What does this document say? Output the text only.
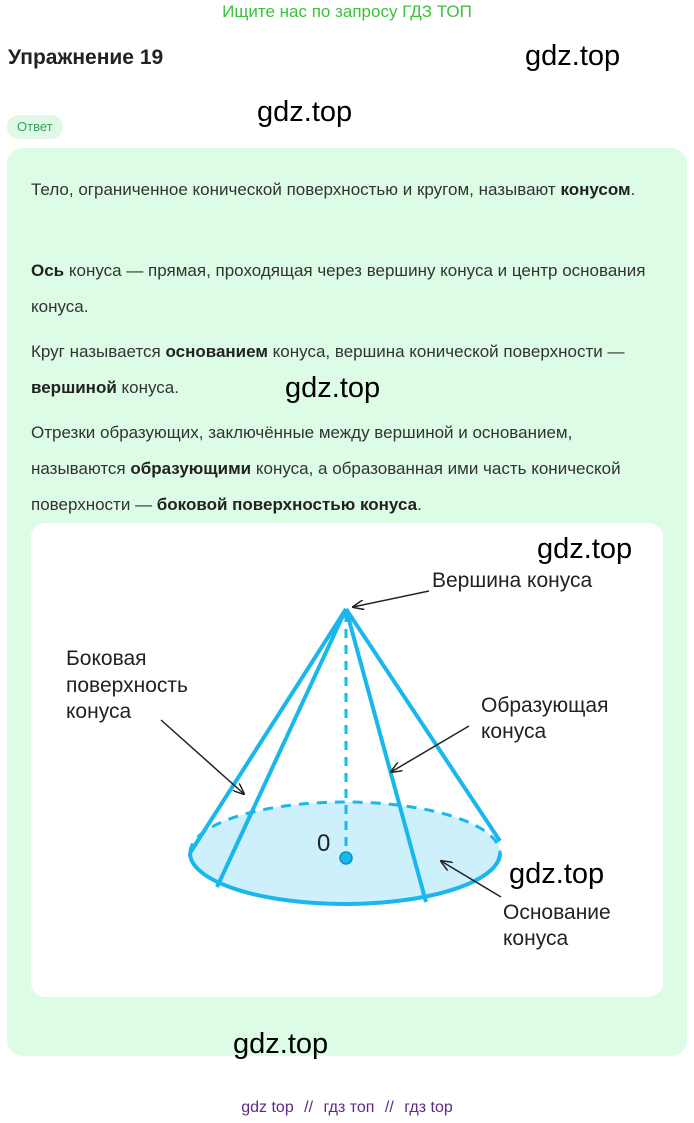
Ищите нас по запросу ГДЗ ТОП
Упражнение 19	gdz.top
gdz.top
Ответ
Тело, ограниченное конической поверхностью и кругом, называют конусом.
Ось конуса — прямая, проходящая через вершину конуса и центр основания конуса.
Круг называется основанием конуса, вершина конической поверхности — вершиной конуса.	gdz.top
Отрезки образующих, заключённые между вершиной и основанием, называются образующими конуса, а образованная ими часть конической поверхности — боковой поверхностью конуса.
gdz.top
Вершина конуса
Боковая
поверхность
конуса	Образующая
конуса
0
gdz.top
Основание
конуса
gdz.top
gdz top // гдз топ // гдз top
